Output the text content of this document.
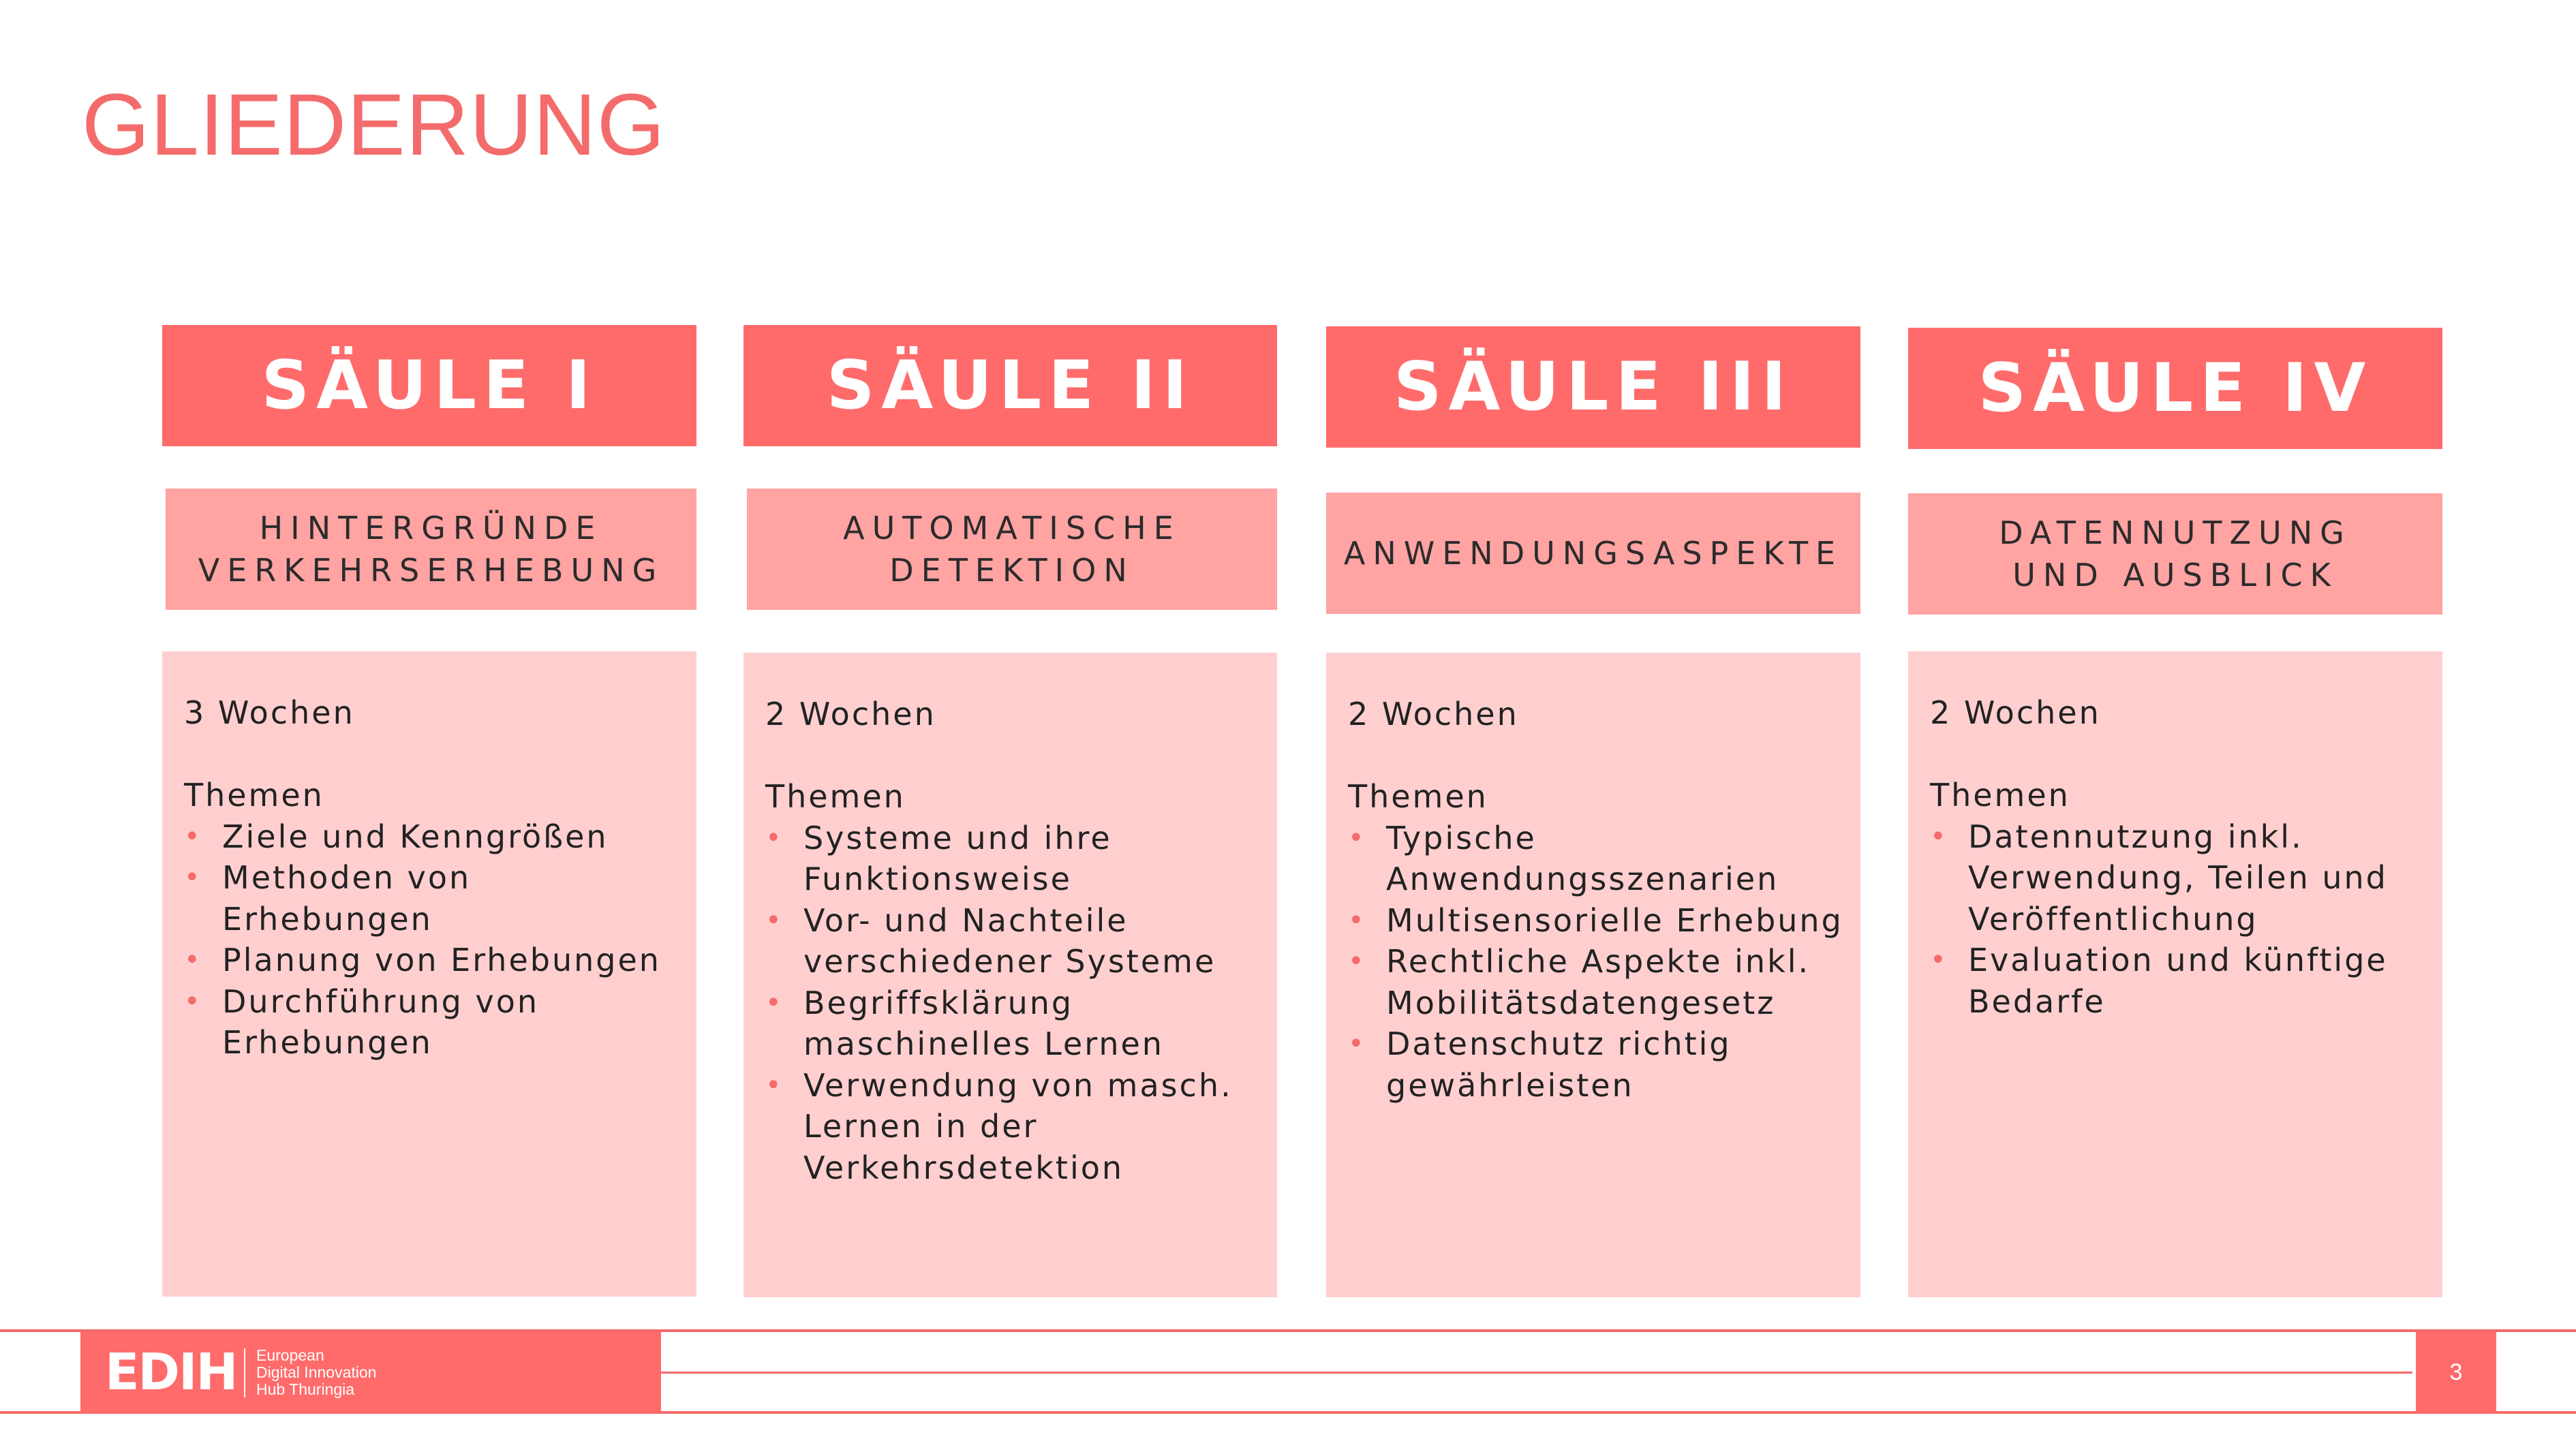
GLIEDERUNG
SÄULE I
HINTERGRÜNDE
VERKEHRSERHEBUNG
3 Wochen
Themen
• Ziele und Kenngrößen
• Methoden von
Erhebungen
• Planung von Erhebungen
• Durchführung von
Erhebungen
SÄULE II
AUTOMATISCHE
DETEKTION
2 Wochen
Themen
• Systeme und ihre
Funktionsweise
• Vor- und Nachteile
verschiedener Systeme
• Begriffsklärung
maschinelles Lernen
• Verwendung von masch.
Lernen in der
Verkehrsdetektion
SÄULE III
ANWENDUNGSASPEKTE
2 Wochen
Themen
• Typische
Anwendungsszenarien
• Multisensorielle Erhebung
• Rechtliche Aspekte inkl.
Mobilitätsdatengesetz
• Datenschutz richtig
gewährleisten
SÄULE IV
DATENNUTZUNG
UND AUSBLICK
2 Wochen
Themen
• Datennutzung inkl.
Verwendung, Teilen und
Veröffentlichung
• Evaluation und künftige
Bedarfe
EDIH European
Digital Innovation
Hub Thuringia
3
